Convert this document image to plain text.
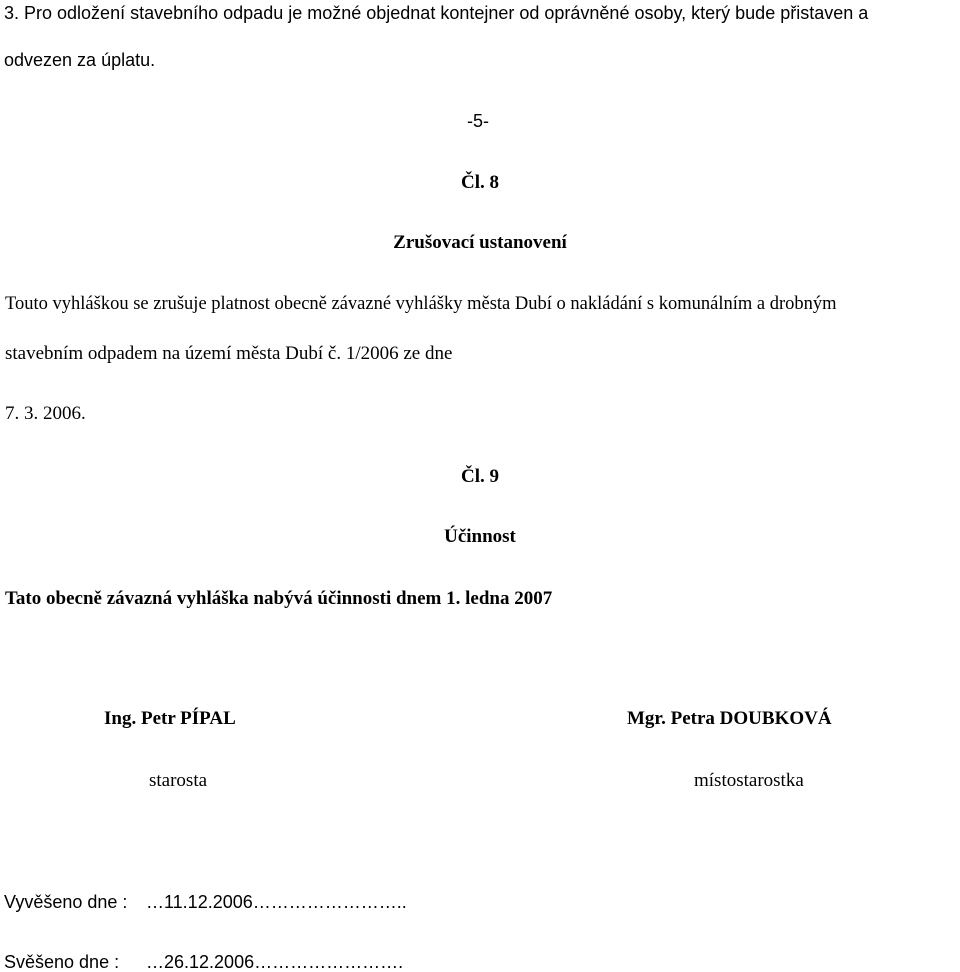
3. Pro odložení stavebního odpadu je možné objednat kontejner od oprávněné osoby, který bude přistaven a
odvezen za úplatu.
-5-
Čl. 8
Zrušovací ustanovení
Touto vyhláškou se zrušuje platnost obecně závazné vyhlášky města Dubí o nakládání s komunálním a drobným
stavebním odpadem na území města Dubí č. 1/2006 ze dne
7. 3. 2006.
Čl. 9
Účinnost
Tato obecně závazná vyhláška nabývá účinnosti dnem 1. ledna 2007
Ing. Petr PÍPAL	Mgr. Petra DOUBKOVÁ
starosta	místostarostka
Vyvěšeno dne : …11.12.2006……………………..
Svěšeno dne : …26.12.2006…………………….
